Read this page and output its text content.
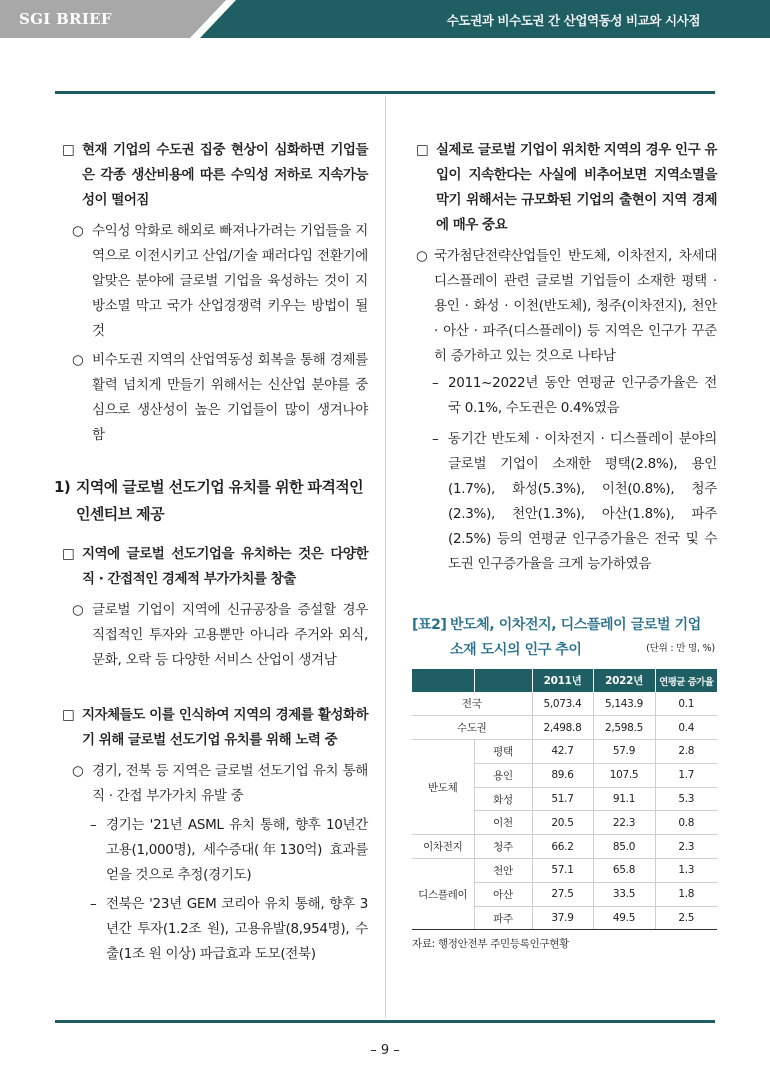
SGI BRIEF	수도권과 비수도권 간 산업역동성 비교와 시사점
□ 현재 기업의 수도권 집중 현상이 심화하면 기업들은 각종 생산비용에 따른 수익성 저하로 지속가능성이 떨어짐
○ 수익성 악화로 해외로 빠져나가려는 기업들을 지역으로 이전시키고 산업/기술 패러다임 전환기에 알맞은 분야에 글로벌 기업을 육성하는 것이 지방소멸 막고 국가 산업경쟁력 키우는 방법이 될 것
○ 비수도권 지역의 산업역동성 회복을 통해 경제를 활력 넘치게 만들기 위해서는 신산업 분야를 중심으로 생산성이 높은 기업들이 많이 생겨나야 함
1) 지역에 글로벌 선도기업 유치를 위한 파격적인 인센티브 제공
□ 지역에 글로벌 선도기업을 유치하는 것은 다양한 직 · 간접적인 경제적 부가가치를 창출
○ 글로벌 기업이 지역에 신규공장을 증설할 경우 직접적인 투자와 고용뿐만 아니라 주거와 외식, 문화, 오락 등 다양한 서비스 산업이 생겨남
□ 지자체들도 이를 인식하여 지역의 경제를 활성화하기 위해 글로벌 선도기업 유치를 위해 노력 중
○ 경기, 전북 등 지역은 글로벌 선도기업 유치 통해 직 · 간접 부가가치 유발 중
– 경기는 '21년 ASML 유치 통해, 향후 10년간 고용(1,000명), 세수증대(年130억) 효과를 얻을 것으로 추정(경기도)
– 전북은 '23년 GEM 코리아 유치 통해, 향후 3년간 투자(1.2조 원), 고용유발(8,954명), 수출(1조 원 이상) 파급효과 도모(전북)
□ 실제로 글로벌 기업이 위치한 지역의 경우 인구 유입이 지속한다는 사실에 비추어보면 지역소멸을 막기 위해서는 규모화된 기업의 출현이 지역 경제에 매우 중요
○ 국가첨단전략산업들인 반도체, 이차전지, 차세대 디스플레이 관련 글로벌 기업들이 소재한 평택 · 용인 · 화성 · 이천(반도체), 청주(이차전지), 천안 · 아산 · 파주(디스플레이) 등 지역은 인구가 꾸준히 증가하고 있는 것으로 나타남
– 2011~2022년 동안 연평균 인구증가율은 전국 0.1%, 수도권은 0.4%였음
– 동기간 반도체 · 이차전지 · 디스플레이 분야의 글로벌 기업이 소재한 평택(2.8%), 용인(1.7%), 화성(5.3%), 이천(0.8%), 청주(2.3%), 천안(1.3%), 아산(1.8%), 파주(2.5%) 등의 연평균 인구증가율은 전국 및 수도권 인구증가율을 크게 능가하였음
[표2] 반도체, 이차전지, 디스플레이 글로벌 기업
소재 도시의 인구 추이	(단위 : 만 명, %)
		2011년	2022년	연평균 증가율
전국		5,073.4	5,143.9	0.1
수도권		2,498.8	2,598.5	0.4
반도체	평택	42.7	57.9	2.8
	용인	89.6	107.5	1.7
	화성	51.7	91.1	5.3
	이천	20.5	22.3	0.8
이차전지	청주	66.2	85.0	2.3
디스플레이	천안	57.1	65.8	1.3
	아산	27.5	33.5	1.8
	파주	37.9	49.5	2.5
자료: 행정안전부 주민등록인구현황
– 9 –
